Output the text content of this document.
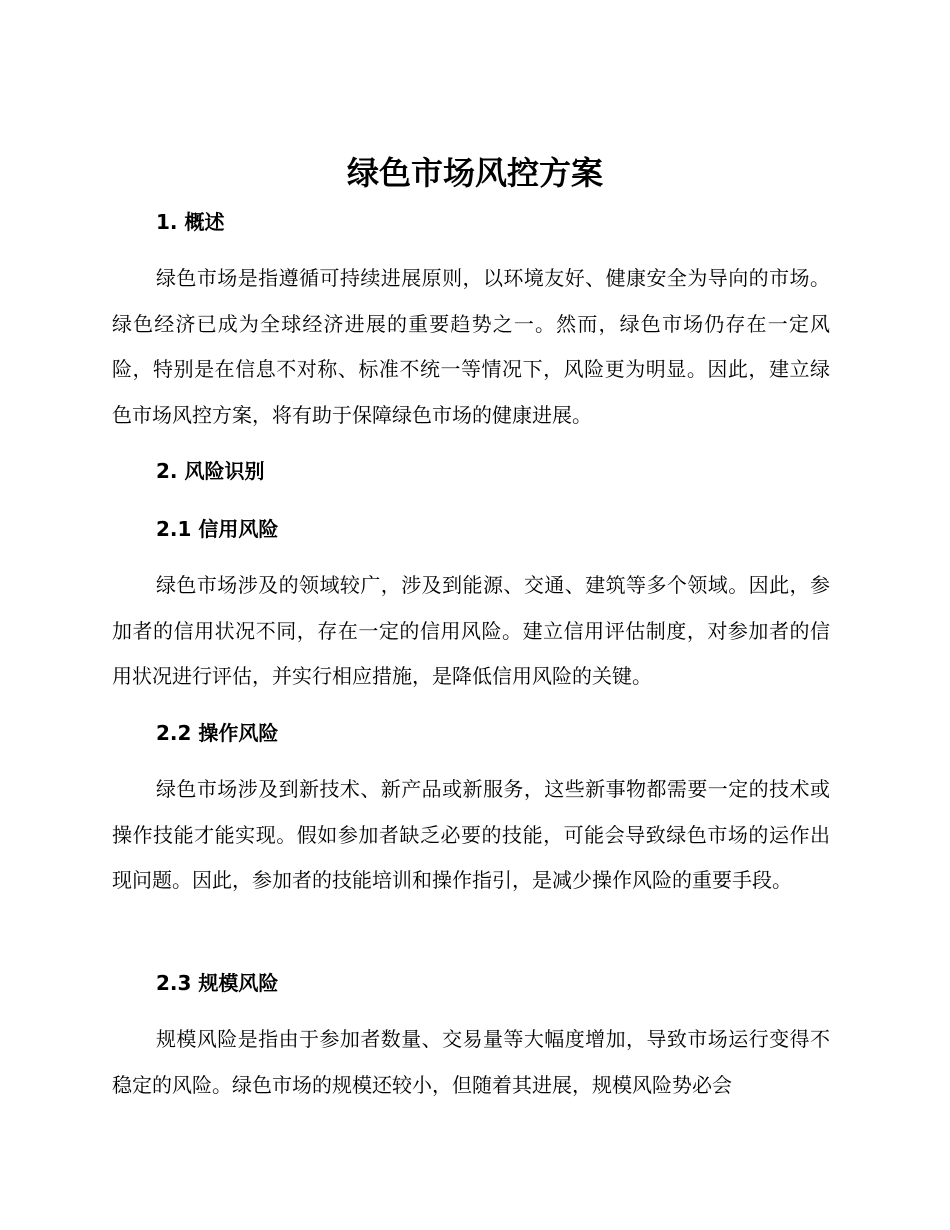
绿色市场风控方案
1. 概述

绿色市场是指遵循可持续进展原则，以环境友好、健康安全为导向的市场。绿色经济已成为全球经济进展的重要趋势之一。然而，绿色市场仍存在一定风险，特别是在信息不对称、标准不统一等情况下，风险更为明显。因此，建立绿色市场风控方案，将有助于保障绿色市场的健康进展。

2. 风险识别
2.1 信用风险

绿色市场涉及的领域较广，涉及到能源、交通、建筑等多个领域。因此，参加者的信用状况不同，存在一定的信用风险。建立信用评估制度，对参加者的信用状况进行评估，并实行相应措施，是降低信用风险的关键。

2.2 操作风险

绿色市场涉及到新技术、新产品或新服务，这些新事物都需要一定的技术或操作技能才能实现。假如参加者缺乏必要的技能，可能会导致绿色市场的运作出现问题。因此，参加者的技能培训和操作指引，是减少操作风险的重要手段。

2.3 规模风险

规模风险是指由于参加者数量、交易量等大幅度增加，导致市场运行变得不稳定的风险。绿色市场的规模还较小，但随着其进展，规模风险势必会
